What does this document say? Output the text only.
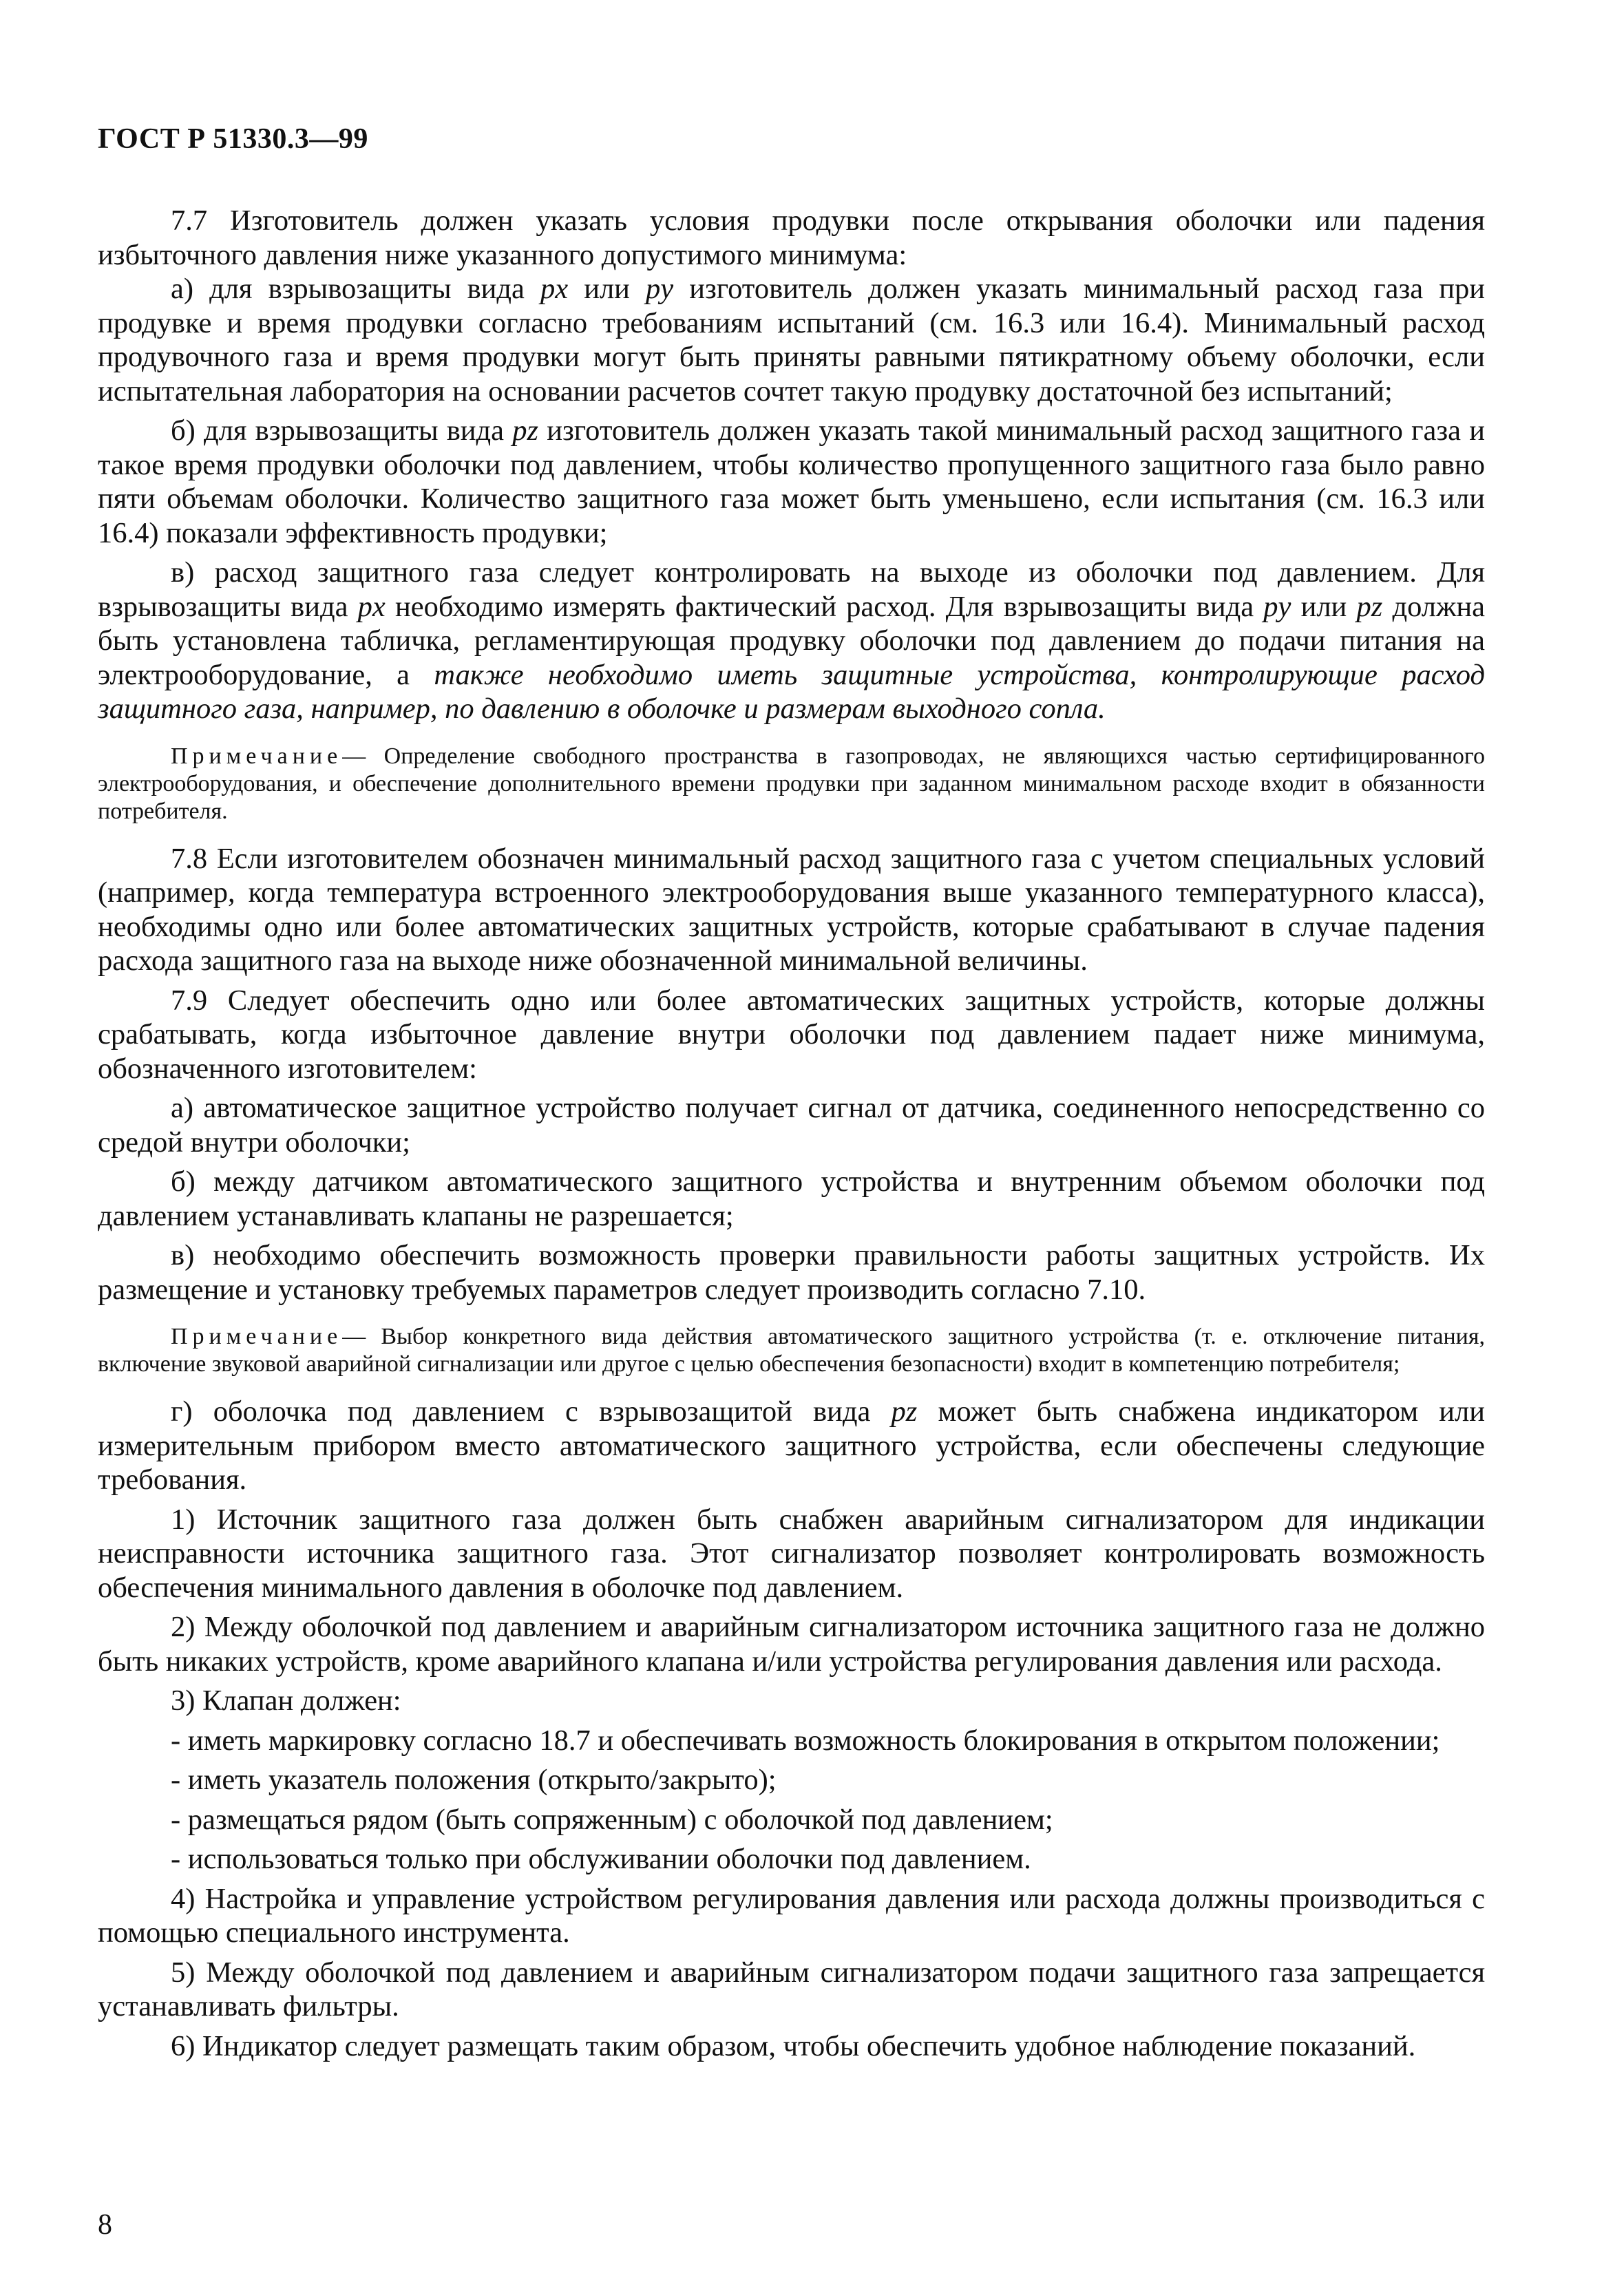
ГОСТ Р 51330.3—99

7.7 Изготовитель должен указать условия продувки после открывания оболочки или падения избыточного давления ниже указанного допустимого минимума:

а) для взрывозащиты вида px или py изготовитель должен указать минимальный расход газа при продувке и время продувки согласно требованиям испытаний (см. 16.3 или 16.4). Минимальный расход продувочного газа и время продувки могут быть приняты равными пятикратному объему оболочки, если испытательная лаборатория на основании расчетов сочтет такую продувку достаточной без испытаний;

б) для взрывозащиты вида pz изготовитель должен указать такой минимальный расход защитного газа и такое время продувки оболочки под давлением, чтобы количество пропущенного защитного газа было равно пяти объемам оболочки. Количество защитного газа может быть уменьшено, если испытания (см. 16.3 или 16.4) показали эффективность продувки;

в) расход защитного газа следует контролировать на выходе из оболочки под давлением. Для взрывозащиты вида px необходимо измерять фактический расход. Для взрывозащиты вида py или pz должна быть установлена табличка, регламентирующая продувку оболочки под давлением до подачи питания на электрооборудование, а также необходимо иметь защитные устройства, контролирующие расход защитного газа, например, по давлению в оболочке и размерам выходного сопла.

Примечание— Определение свободного пространства в газопроводах, не являющихся частью сертифицированного электрооборудования, и обеспечение дополнительного времени продувки при заданном минимальном расходе входит в обязанности потребителя.

7.8 Если изготовителем обозначен минимальный расход защитного газа с учетом специальных условий (например, когда температура встроенного электрооборудования выше указанного температурного класса), необходимы одно или более автоматических защитных устройств, которые срабатывают в случае падения расхода защитного газа на выходе ниже обозначенной минимальной величины.

7.9 Следует обеспечить одно или более автоматических защитных устройств, которые должны срабатывать, когда избыточное давление внутри оболочки под давлением падает ниже минимума, обозначенного изготовителем:

а) автоматическое защитное устройство получает сигнал от датчика, соединенного непосредственно со средой внутри оболочки;

б) между датчиком автоматического защитного устройства и внутренним объемом оболочки под давлением устанавливать клапаны не разрешается;

в) необходимо обеспечить возможность проверки правильности работы защитных устройств. Их размещение и установку требуемых параметров следует производить согласно 7.10.

Примечание— Выбор конкретного вида действия автоматического защитного устройства (т. е. отключение питания, включение звуковой аварийной сигнализации или другое с целью обеспечения безопасности) входит в компетенцию потребителя;

г) оболочка под давлением с взрывозащитой вида pz может быть снабжена индикатором или измерительным прибором вместо автоматического защитного устройства, если обеспечены следующие требования.

1) Источник защитного газа должен быть снабжен аварийным сигнализатором для индикации неисправности источника защитного газа. Этот сигнализатор позволяет контролировать возможность обеспечения минимального давления в оболочке под давлением.

2) Между оболочкой под давлением и аварийным сигнализатором источника защитного газа не должно быть никаких устройств, кроме аварийного клапана и/или устройства регулирования давления или расхода.

3) Клапан должен:

- иметь маркировку согласно 18.7 и обеспечивать возможность блокирования в открытом положении;

- иметь указатель положения (открыто/закрыто);

- размещаться рядом (быть сопряженным) с оболочкой под давлением;

- использоваться только при обслуживании оболочки под давлением.

4) Настройка и управление устройством регулирования давления или расхода должны производиться с помощью специального инструмента.

5) Между оболочкой под давлением и аварийным сигнализатором подачи защитного газа запрещается устанавливать фильтры.

6) Индикатор следует размещать таким образом, чтобы обеспечить удобное наблюдение показаний.

8
